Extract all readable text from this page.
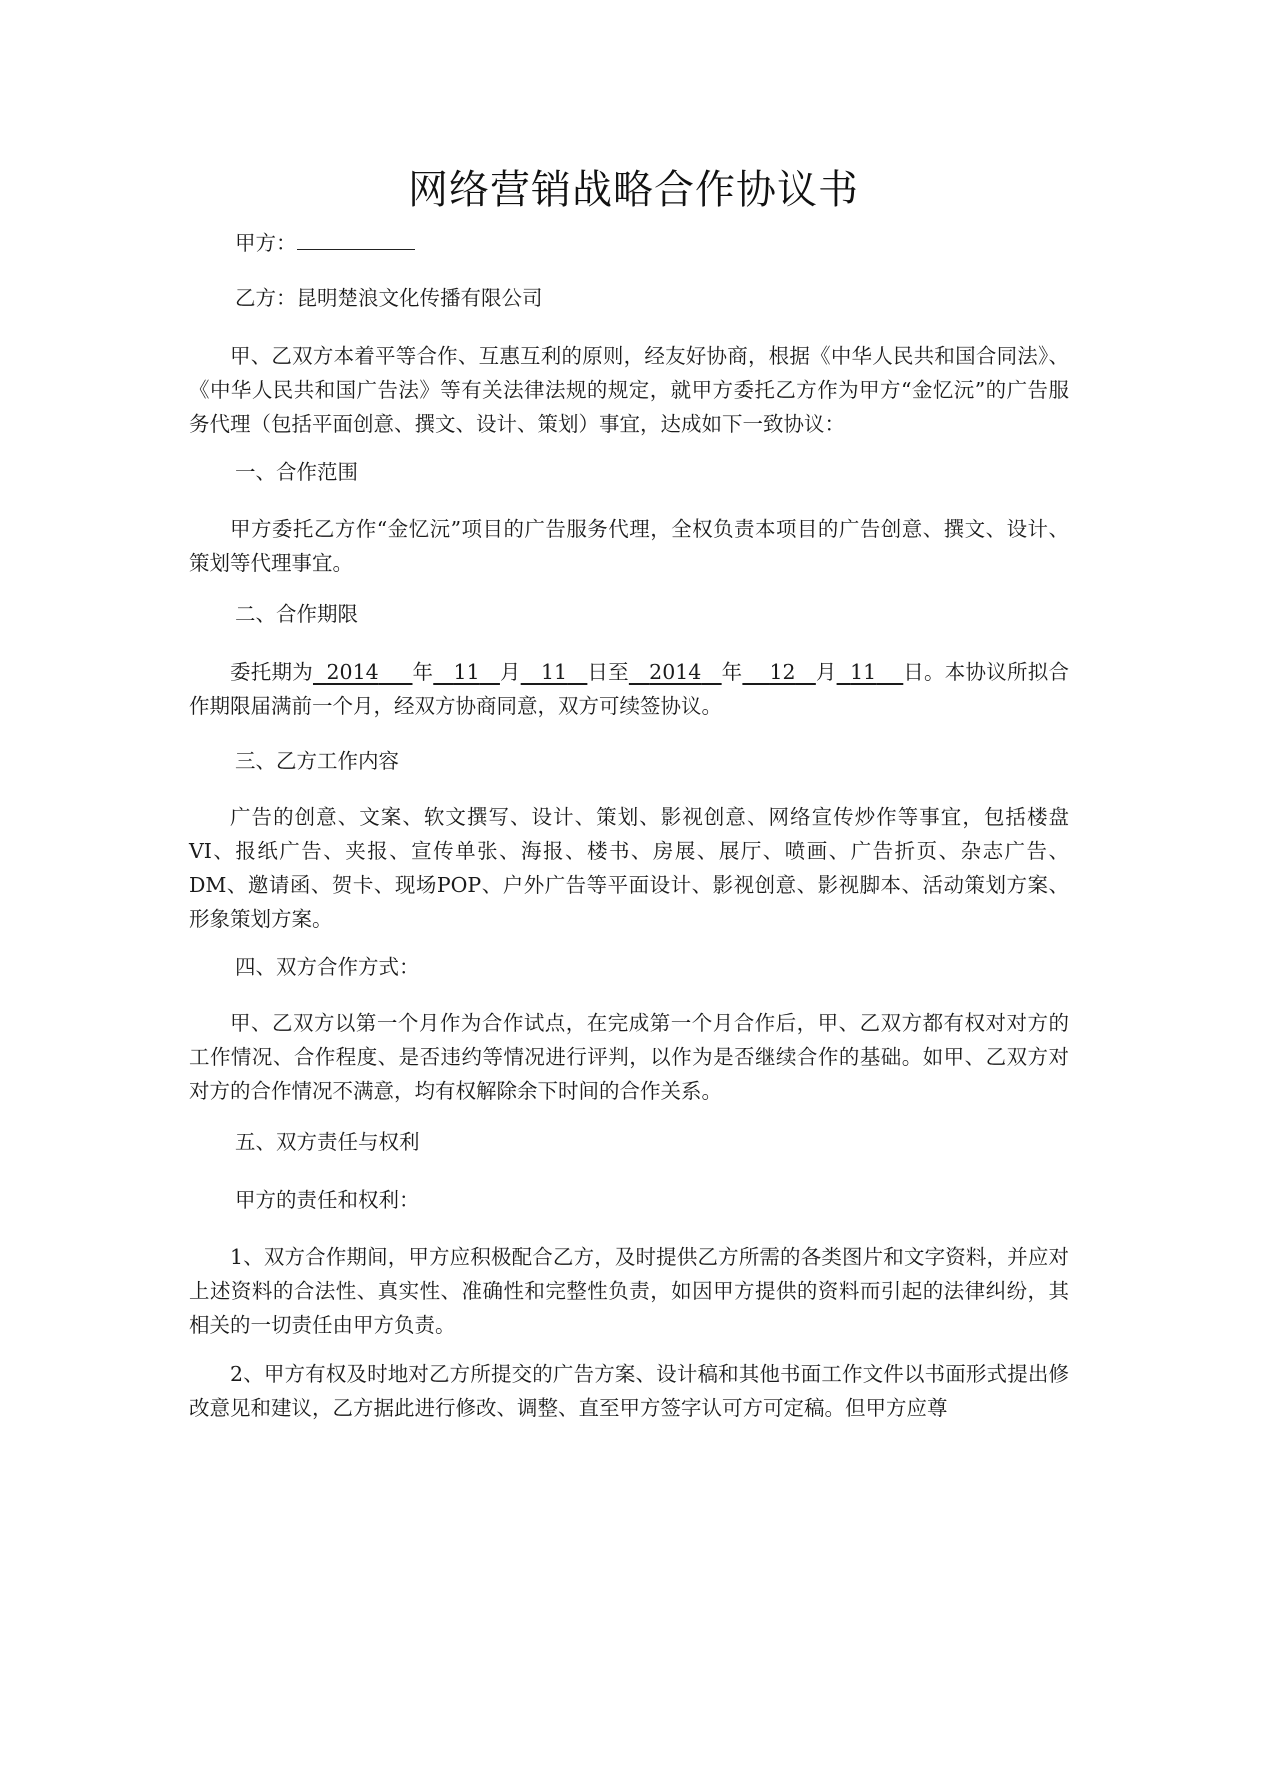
网络营销战略合作协议书
甲方：
乙方：昆明楚浪文化传播有限公司
甲、乙双方本着平等合作、互惠互利的原则，经友好协商，根据《中华人民共和国合同法》、《中华人民共和国广告法》等有关法律法规的规定，就甲方委托乙方作为甲方“金忆沅”的广告服务代理（包括平面创意、撰文、设计、策划）事宜，达成如下一致协议：
一、合作范围
甲方委托乙方作“金忆沅”项目的广告服务代理，全权负责本项目的广告创意、撰文、设计、策划等代理事宜。
二、合作期限
委托期为 2014 年 11 月 11 日至 2014 年 12 月 11 日。本协议所拟合作期限届满前一个月，经双方协商同意，双方可续签协议。
三、乙方工作内容
广告的创意、文案、软文撰写、设计、策划、影视创意、网络宣传炒作等事宜，包括楼盘VI、报纸广告、夹报、宣传单张、海报、楼书、房展、展厅、喷画、广告折页、杂志广告、DM、邀请函、贺卡、现场POP、户外广告等平面设计、影视创意、影视脚本、活动策划方案、形象策划方案。
四、双方合作方式：
甲、乙双方以第一个月作为合作试点，在完成第一个月合作后，甲、乙双方都有权对对方的工作情况、合作程度、是否违约等情况进行评判，以作为是否继续合作的基础。如甲、乙双方对对方的合作情况不满意，均有权解除余下时间的合作关系。
五、双方责任与权利
甲方的责任和权利：
1、双方合作期间，甲方应积极配合乙方，及时提供乙方所需的各类图片和文字资料，并应对上述资料的合法性、真实性、准确性和完整性负责，如因甲方提供的资料而引起的法律纠纷，其相关的一切责任由甲方负责。
2、甲方有权及时地对乙方所提交的广告方案、设计稿和其他书面工作文件以书面形式提出修改意见和建议，乙方据此进行修改、调整、直至甲方签字认可方可定稿。但甲方应尊
